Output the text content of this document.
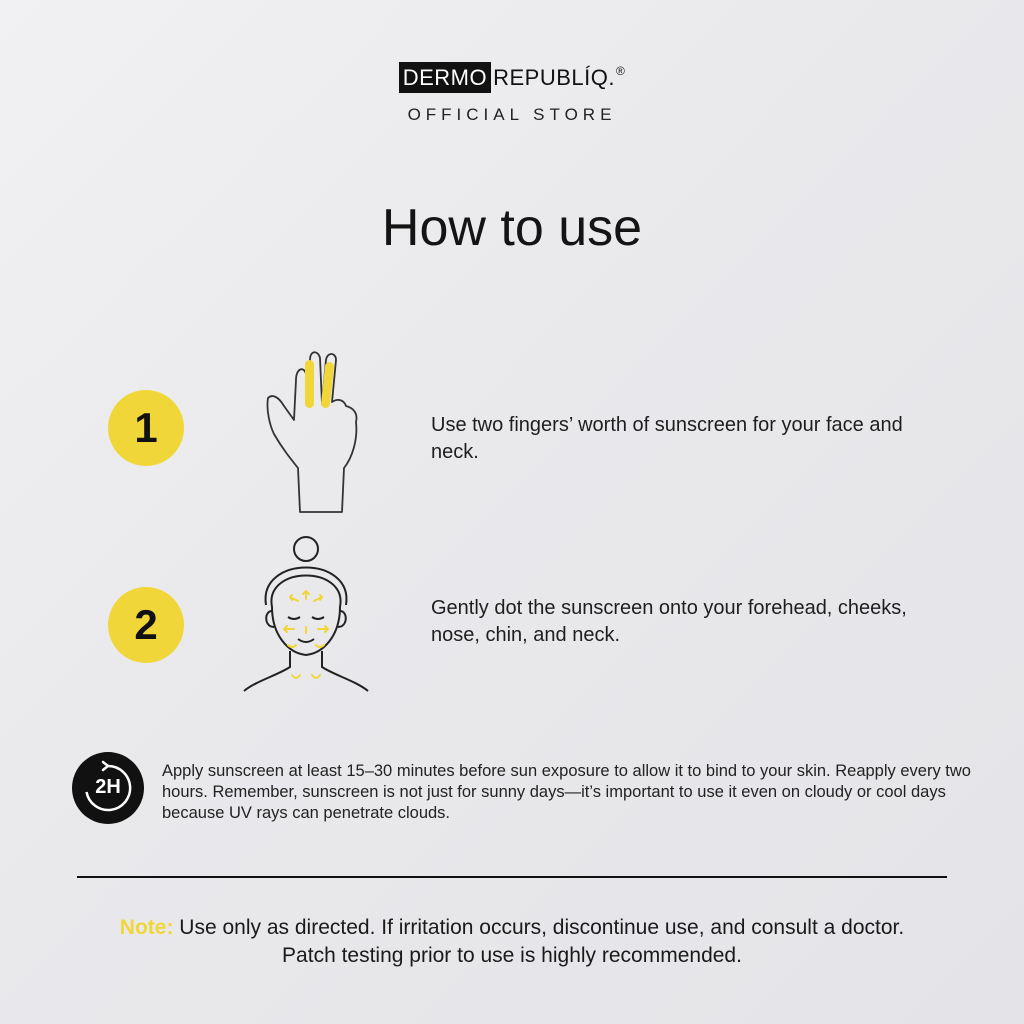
DERMO REPUBLÍQ. ®
OFFICIAL STORE
How to use
1	Use two fingers’ worth of sunscreen for your face and neck.
2	Gently dot the sunscreen onto your forehead, cheeks, nose, chin, and neck.
2H
Apply sunscreen at least 15–30 minutes before sun exposure to allow it to bind to your skin. Reapply every two hours. Remember, sunscreen is not just for sunny days—it’s important to use it even on cloudy or cool days because UV rays can penetrate clouds.
Note: Use only as directed. If irritation occurs, discontinue use, and consult a doctor.
Patch testing prior to use is highly recommended.
